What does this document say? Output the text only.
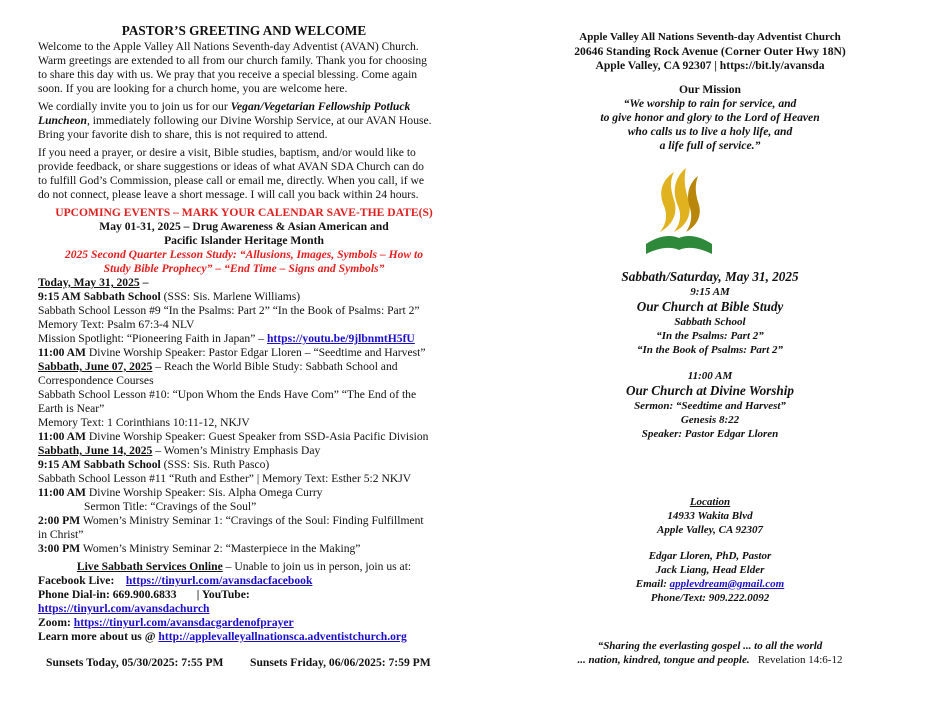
PASTOR’S GREETING AND WELCOME
Welcome to the Apple Valley All Nations Seventh-day Adventist (AVAN) Church.
Warm greetings are extended to all from our church family. Thank you for choosing
to share this day with us. We pray that you receive a special blessing. Come again
soon. If you are looking for a church home, you are welcome here.
We cordially invite you to join us for our Vegan/Vegetarian Fellowship Potluck
Luncheon, immediately following our Divine Worship Service, at our AVAN House.
Bring your favorite dish to share, this is not required to attend.
If you need a prayer, or desire a visit, Bible studies, baptism, and/or would like to
provide feedback, or share suggestions or ideas of what AVAN SDA Church can do
to fulfill God’s Commission, please call or email me, directly. When you call, if we
do not connect, please leave a short message. I will call you back within 24 hours.
UPCOMING EVENTS – MARK YOUR CALENDAR SAVE-THE DATE(S)
May 01-31, 2025 – Drug Awareness & Asian American and
Pacific Islander Heritage Month
2025 Second Quarter Lesson Study: “Allusions, Images, Symbols – How to
Study Bible Prophecy” – “End Time – Signs and Symbols”
Today, May 31, 2025 –
9:15 AM Sabbath School (SSS: Sis. Marlene Williams)
Sabbath School Lesson #9 “In the Psalms: Part 2” “In the Book of Psalms: Part 2”
Memory Text: Psalm 67:3-4 NLV
Mission Spotlight: “Pioneering Faith in Japan” – https://youtu.be/9jlbnmtH5fU
11:00 AM Divine Worship Speaker: Pastor Edgar Lloren – “Seedtime and Harvest”
Sabbath, June 07, 2025 – Reach the World Bible Study: Sabbath School and
Correspondence Courses
Sabbath School Lesson #10: “Upon Whom the Ends Have Com” “The End of the
Earth is Near”
Memory Text: 1 Corinthians 10:11-12, NKJV
11:00 AM Divine Worship Speaker: Guest Speaker from SSD-Asia Pacific Division
Sabbath, June 14, 2025 – Women’s Ministry Emphasis Day
9:15 AM Sabbath School (SSS: Sis. Ruth Pasco)
Sabbath School Lesson #11 “Ruth and Esther” | Memory Text: Esther 5:2 NKJV
11:00 AM Divine Worship Speaker: Sis. Alpha Omega Curry
Sermon Title: “Cravings of the Soul”
2:00 PM Women’s Ministry Seminar 1: “Cravings of the Soul: Finding Fulfillment
in Christ”
3:00 PM Women’s Ministry Seminar 2: “Masterpiece in the Making”
Live Sabbath Services Online – Unable to join us in person, join us at:
Facebook Live: https://tinyurl.com/avansdacfacebook
Phone Dial-in: 669.900.6833 | YouTube:
https://tinyurl.com/avansdachurch
Zoom: https://tinyurl.com/avansdacgardenofprayer
Learn more about us @ http://applevalleyallnationsca.adventistchurch.org
Sunsets Today, 05/30/2025: 7:55 PM Sunsets Friday, 06/06/2025: 7:59 PM
Apple Valley All Nations Seventh-day Adventist Church
20646 Standing Rock Avenue (Corner Outer Hwy 18N)
Apple Valley, CA 92307 | https://bit.ly/avansda
Our Mission
“We worship to rain for service, and
to give honor and glory to the Lord of Heaven
who calls us to live a holy life, and
a life full of service.”
Sabbath/Saturday, May 31, 2025
9:15 AM
Our Church at Bible Study
Sabbath School
“In the Psalms: Part 2”
“In the Book of Psalms: Part 2”
11:00 AM
Our Church at Divine Worship
Sermon: “Seedtime and Harvest”
Genesis 8:22
Speaker: Pastor Edgar Lloren
Location
14933 Wakita Blvd
Apple Valley, CA 92307
Edgar Lloren, PhD, Pastor
Jack Liang, Head Elder
Email: applevdream@gmail.com
Phone/Text: 909.222.0092
“Sharing the everlasting gospel ... to all the world
... nation, kindred, tongue and people. Revelation 14:6-12
